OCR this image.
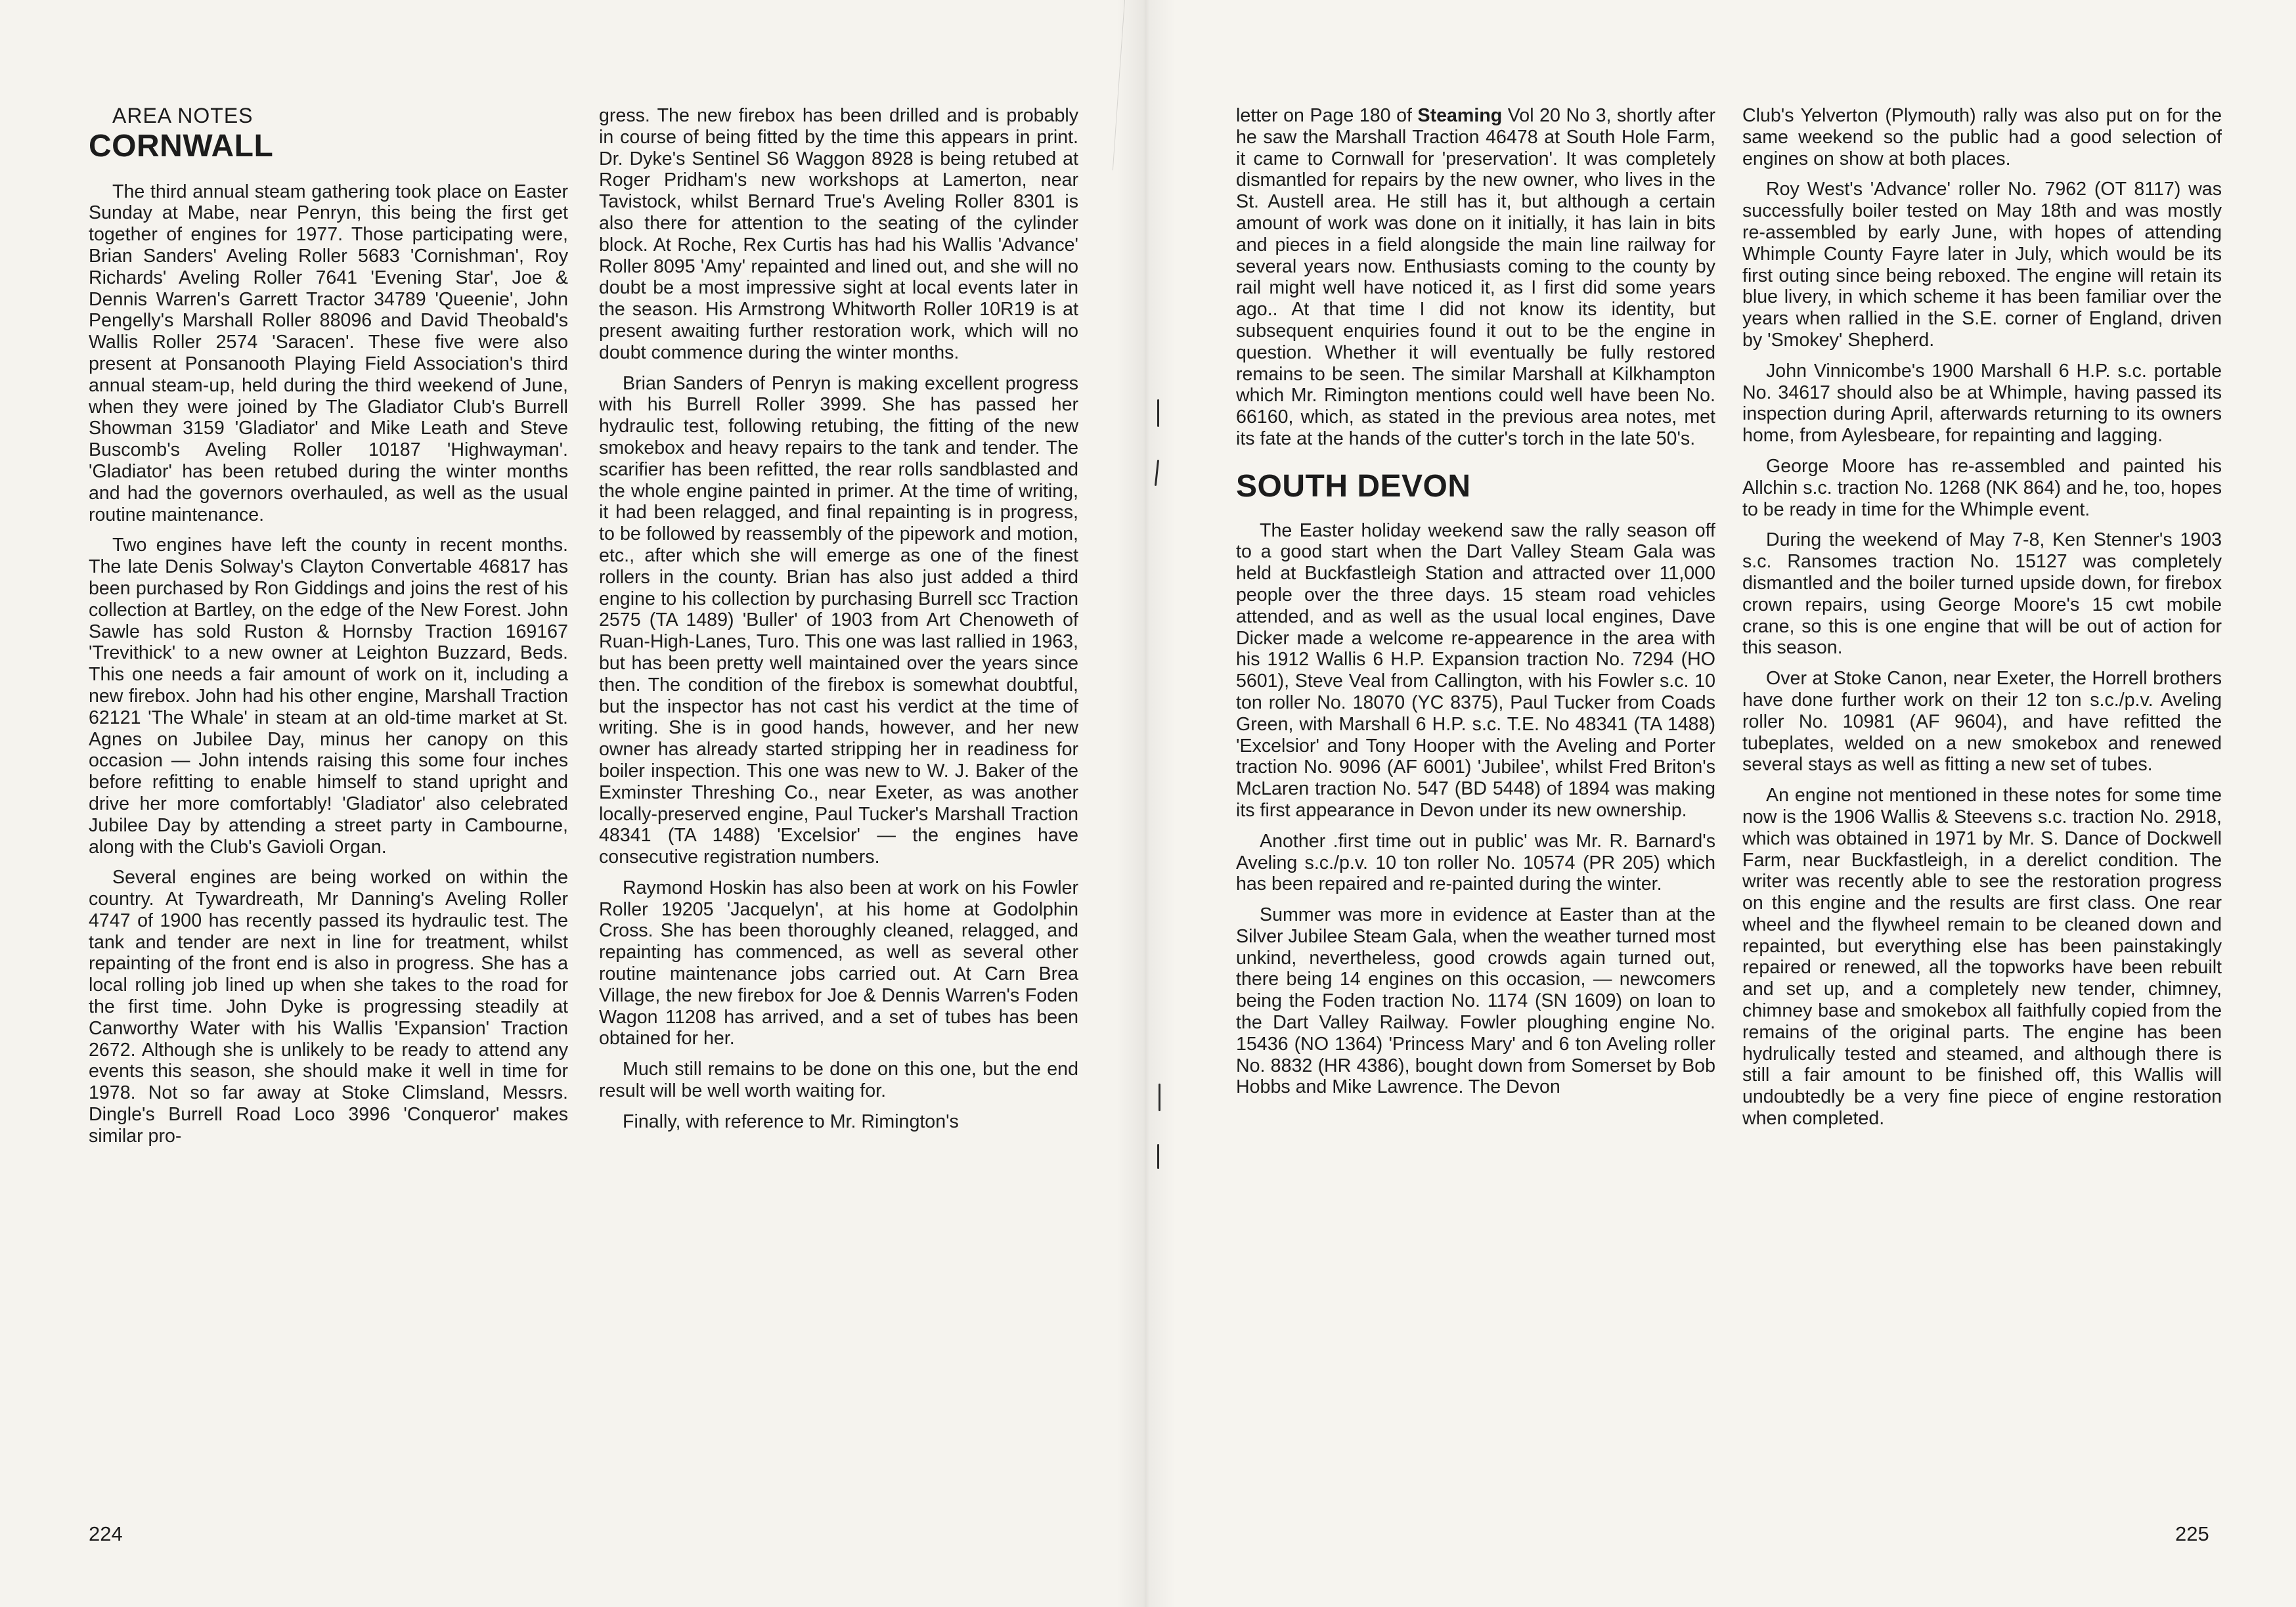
AREA NOTES

CORNWALL

The third annual steam gathering took place on Easter Sunday at Mabe, near Penryn, this being the first get together of engines for 1977. Those participating were, Brian Sanders' Aveling Roller 5683 'Cornishman', Roy Richards' Aveling Roller 7641 'Evening Star', Joe & Dennis Warren's Garrett Tractor 34789 'Queenie', John Pengelly's Marshall Roller 88096 and David Theobald's Wallis Roller 2574 'Saracen'. These five were also present at Ponsanooth Playing Field Association's third annual steam-up, held during the third weekend of June, when they were joined by The Gladiator Club's Burrell Showman 3159 'Gladiator' and Mike Leath and Steve Buscomb's Aveling Roller 10187 'Highwayman'. 'Gladiator' has been retubed during the winter months and had the governors overhauled, as well as the usual routine maintenance.

Two engines have left the county in recent months. The late Denis Solway's Clayton Convertable 46817 has been purchased by Ron Giddings and joins the rest of his collection at Bartley, on the edge of the New Forest. John Sawle has sold Ruston & Hornsby Traction 169167 'Trevithick' to a new owner at Leighton Buzzard, Beds. This one needs a fair amount of work on it, including a new firebox. John had his other engine, Marshall Traction 62121 'The Whale' in steam at an old-time market at St. Agnes on Jubilee Day, minus her canopy on this occasion — John intends raising this some four inches before refitting to enable himself to stand upright and drive her more comfortably! 'Gladiator' also celebrated Jubilee Day by attending a street party in Cambourne, along with the Club's Gavioli Organ.

Several engines are being worked on within the country. At Tywardreath, Mr Danning's Aveling Roller 4747 of 1900 has recently passed its hydraulic test. The tank and tender are next in line for treatment, whilst repainting of the front end is also in progress. She has a local rolling job lined up when she takes to the road for the first time. John Dyke is progressing steadily at Canworthy Water with his Wallis 'Expansion' Traction 2672. Although she is unlikely to be ready to attend any events this season, she should make it well in time for 1978. Not so far away at Stoke Climsland, Messrs. Dingle's Burrell Road Loco 3996 'Conqueror' makes similar pro-

gress. The new firebox has been drilled and is probably in course of being fitted by the time this appears in print. Dr. Dyke's Sentinel S6 Waggon 8928 is being retubed at Roger Pridham's new workshops at Lamerton, near Tavistock, whilst Bernard True's Aveling Roller 8301 is also there for attention to the seating of the cylinder block. At Roche, Rex Curtis has had his Wallis 'Advance' Roller 8095 'Amy' repainted and lined out, and she will no doubt be a most impressive sight at local events later in the season. His Armstrong Whitworth Roller 10R19 is at present awaiting further restoration work, which will no doubt commence during the winter months.

Brian Sanders of Penryn is making excellent progress with his Burrell Roller 3999. She has passed her hydraulic test, following retubing, the fitting of the new smokebox and heavy repairs to the tank and tender. The scarifier has been refitted, the rear rolls sandblasted and the whole engine painted in primer. At the time of writing, it had been relagged, and final repainting is in progress, to be followed by reassembly of the pipework and motion, etc., after which she will emerge as one of the finest rollers in the county. Brian has also just added a third engine to his collection by purchasing Burrell scc Traction 2575 (TA 1489) 'Buller' of 1903 from Art Chenoweth of Ruan-High-Lanes, Turo. This one was last rallied in 1963, but has been pretty well maintained over the years since then. The condition of the firebox is somewhat doubtful, but the inspector has not cast his verdict at the time of writing. She is in good hands, however, and her new owner has already started stripping her in readiness for boiler inspection. This one was new to W. J. Baker of the Exminster Threshing Co., near Exeter, as was another locally-preserved engine, Paul Tucker's Marshall Traction 48341 (TA 1488) 'Excelsior' — the engines have consecutive registration numbers.

Raymond Hoskin has also been at work on his Fowler Roller 19205 'Jacquelyn', at his home at Godolphin Cross. She has been thoroughly cleaned, relagged, and repainting has commenced, as well as several other routine maintenance jobs carried out. At Carn Brea Village, the new firebox for Joe & Dennis Warren's Foden Wagon 11208 has arrived, and a set of tubes has been obtained for her.

Much still remains to be done on this one, but the end result will be well worth waiting for.

Finally, with reference to Mr. Rimington's

224

letter on Page 180 of Steaming Vol 20 No 3, shortly after he saw the Marshall Traction 46478 at South Hole Farm, it came to Cornwall for 'preservation'. It was completely dismantled for repairs by the new owner, who lives in the St. Austell area. He still has it, but although a certain amount of work was done on it initially, it has lain in bits and pieces in a field alongside the main line railway for several years now. Enthusiasts coming to the county by rail might well have noticed it, as I first did some years ago.. At that time I did not know its identity, but subsequent enquiries found it out to be the engine in question. Whether it will eventually be fully restored remains to be seen. The similar Marshall at Kilkhampton which Mr. Rimington mentions could well have been No. 66160, which, as stated in the previous area notes, met its fate at the hands of the cutter's torch in the late 50's.

SOUTH DEVON

The Easter holiday weekend saw the rally season off to a good start when the Dart Valley Steam Gala was held at Buckfastleigh Station and attracted over 11,000 people over the three days. 15 steam road vehicles attended, and as well as the usual local engines, Dave Dicker made a welcome re-appearence in the area with his 1912 Wallis 6 H.P. Expansion traction No. 7294 (HO 5601), Steve Veal from Callington, with his Fowler s.c. 10 ton roller No. 18070 (YC 8375), Paul Tucker from Coads Green, with Marshall 6 H.P. s.c. T.E. No 48341 (TA 1488) 'Excelsior' and Tony Hooper with the Aveling and Porter traction No. 9096 (AF 6001) 'Jubilee', whilst Fred Briton's McLaren traction No. 547 (BD 5448) of 1894 was making its first appearance in Devon under its new ownership.

Another .first time out in public' was Mr. R. Barnard's Aveling s.c./p.v. 10 ton roller No. 10574 (PR 205) which has been repaired and re-painted during the winter.

Summer was more in evidence at Easter than at the Silver Jubilee Steam Gala, when the weather turned most unkind, nevertheless, good crowds again turned out, there being 14 engines on this occasion, — newcomers being the Foden traction No. 1174 (SN 1609) on loan to the Dart Valley Railway. Fowler ploughing engine No. 15436 (NO 1364) 'Princess Mary' and 6 ton Aveling roller No. 8832 (HR 4386), bought down from Somerset by Bob Hobbs and Mike Lawrence. The Devon

Club's Yelverton (Plymouth) rally was also put on for the same weekend so the public had a good selection of engines on show at both places.

Roy West's 'Advance' roller No. 7962 (OT 8117) was successfully boiler tested on May 18th and was mostly re-assembled by early June, with hopes of attending Whimple County Fayre later in July, which would be its first outing since being reboxed. The engine will retain its blue livery, in which scheme it has been familiar over the years when rallied in the S.E. corner of England, driven by 'Smokey' Shepherd.

John Vinnicombe's 1900 Marshall 6 H.P. s.c. portable No. 34617 should also be at Whimple, having passed its inspection during April, afterwards returning to its owners home, from Aylesbeare, for repainting and lagging.

George Moore has re-assembled and painted his Allchin s.c. traction No. 1268 (NK 864) and he, too, hopes to be ready in time for the Whimple event.

During the weekend of May 7-8, Ken Stenner's 1903 s.c. Ransomes traction No. 15127 was completely dismantled and the boiler turned upside down, for firebox crown repairs, using George Moore's 15 cwt mobile crane, so this is one engine that will be out of action for this season.

Over at Stoke Canon, near Exeter, the Horrell brothers have done further work on their 12 ton s.c./p.v. Aveling roller No. 10981 (AF 9604), and have refitted the tubeplates, welded on a new smokebox and renewed several stays as well as fitting a new set of tubes.

An engine not mentioned in these notes for some time now is the 1906 Wallis & Steevens s.c. traction No. 2918, which was obtained in 1971 by Mr. S. Dance of Dockwell Farm, near Buckfastleigh, in a derelict condition. The writer was recently able to see the restoration progress on this engine and the results are first class. One rear wheel and the flywheel remain to be cleaned down and repainted, but everything else has been painstakingly repaired or renewed, all the topworks have been rebuilt and set up, and a completely new tender, chimney, chimney base and smokebox all faithfully copied from the remains of the original parts. The engine has been hydrulically tested and steamed, and although there is still a fair amount to be finished off, this Wallis will undoubtedly be a very fine piece of engine restoration when completed.

225
